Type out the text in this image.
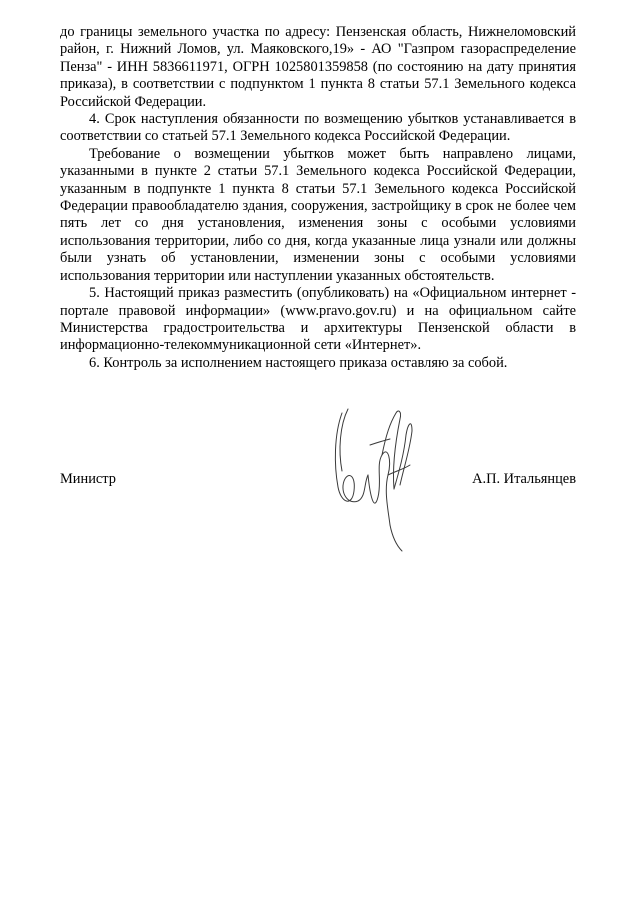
до границы земельного участка по адресу: Пензенская область, Нижнеломовский район, г. Нижний Ломов, ул. Маяковского,19» - АО "Газпром газораспределение Пенза" - ИНН 5836611971, ОГРН 1025801359858 (по состоянию на дату принятия приказа), в соответствии с подпунктом 1 пункта 8 статьи 57.1 Земельного кодекса Российской Федерации.

4. Срок наступления обязанности по возмещению убытков устанавливается в соответствии со статьей 57.1 Земельного кодекса Российской Федерации.

Требование о возмещении убытков может быть направлено лицами, указанными в пункте 2 статьи 57.1 Земельного кодекса Российской Федерации, указанным в подпункте 1 пункта 8 статьи 57.1 Земельного кодекса Российской Федерации правообладателю здания, сооружения, застройщику в срок не более чем пять лет со дня установления, изменения зоны с особыми условиями использования территории, либо со дня, когда указанные лица узнали или должны были узнать об установлении, изменении зоны с особыми условиями использования территории или наступлении указанных обстоятельств.

5. Настоящий приказ разместить (опубликовать) на «Официальном интернет - портале правовой информации» (www.pravo.gov.ru) и на официальном сайте Министерства градостроительства и архитектуры Пензенской области в информационно-телекоммуникационной сети «Интернет».

6. Контроль за исполнением настоящего приказа оставляю за собой.

Министр	А.П. Итальянцев
